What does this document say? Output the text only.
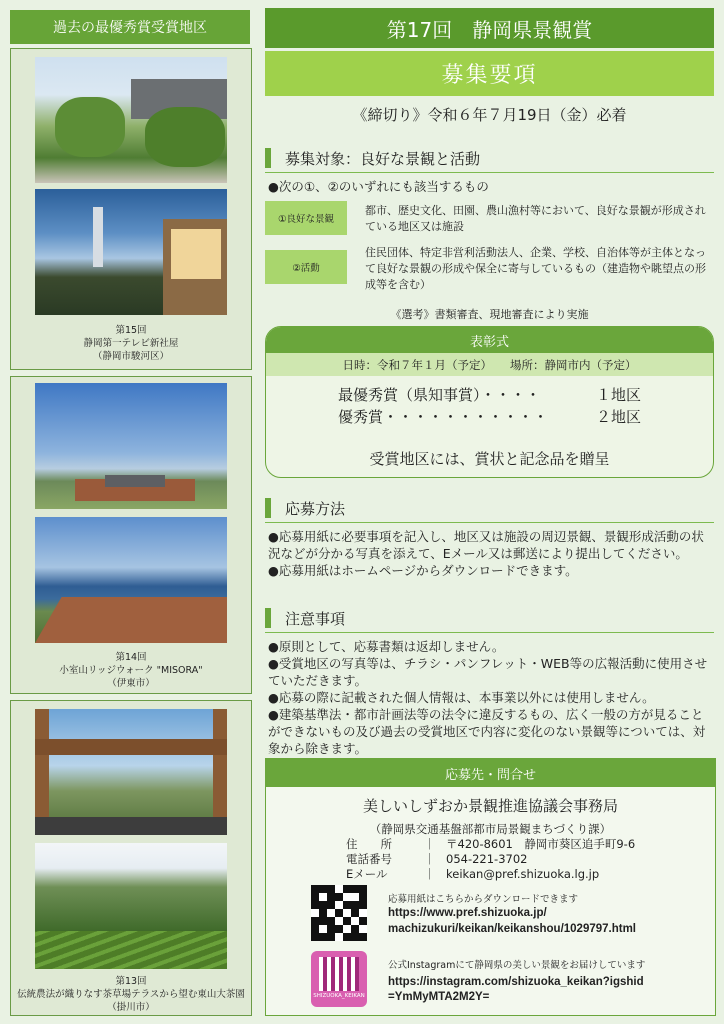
過去の最優秀賞受賞地区
第15回
静岡第一テレビ新社屋
（静岡市駿河区）
第14回
小室山リッジウォーク "MISORA"
（伊東市）
第13回
伝統農法が織りなす茶草場テラスから望む東山大茶園
（掛川市）
第17回　静岡県景観賞
募集要項
《締切り》令和６年７月19日（金）必着
募集対象：良好な景観と活動
●次の①、②のいずれにも該当するもの
①良好な景観
都市、歴史文化、田園、農山漁村等において、良好な景観が形成されている地区又は施設
②活動
住民団体、特定非営利活動法人、企業、学校、自治体等が主体となって良好な景観の形成や保全に寄与しているもの（建造物や眺望点の形成等を含む）
《選考》書類審査、現地審査により実施
表彰式
日時：令和７年１月（予定） 場所：静岡市内（予定）
最優秀賞（県知事賞）・・・・	１地区
優秀賞・・・・・・・・・・・	２地区
受賞地区には、賞状と記念品を贈呈
応募方法
●応募用紙に必要事項を記入し、地区又は施設の周辺景観、景観形成活動の状況などが分かる写真を添えて、Eメール又は郵送により提出してください。
●応募用紙はホームページからダウンロードできます。
注意事項
●原則として、応募書類は返却しません。
●受賞地区の写真等は、チラシ・パンフレット・WEB等の広報活動に使用させていただきます。
●応募の際に記載された個人情報は、本事業以外には使用しません。
●建築基準法・都市計画法等の法令に違反するもの、広く一般の方が見ることができないもの及び過去の受賞地区で内容に変化のない景観等については、対象から除きます。
応募先・問合せ
美しいしずおか景観推進協議会事務局
（静岡県交通基盤部都市局景観まちづくり課）
住　　所
電話番号
Eメール
｜
｜
｜
〒420-8601　静岡市葵区追手町9-6
054-221-3702
keikan@pref.shizuoka.lg.jp
応募用紙はこちらからダウンロードできます
https://www.pref.shizuoka.jp/
machizukuri/keikan/keikanshou/1029797.html
SHIZUOKA_KEIKAN
公式Instagramにて静岡県の美しい景観をお届けしています
https://instagram.com/shizuoka_keikan?igshid
=YmMyMTA2M2Y=
